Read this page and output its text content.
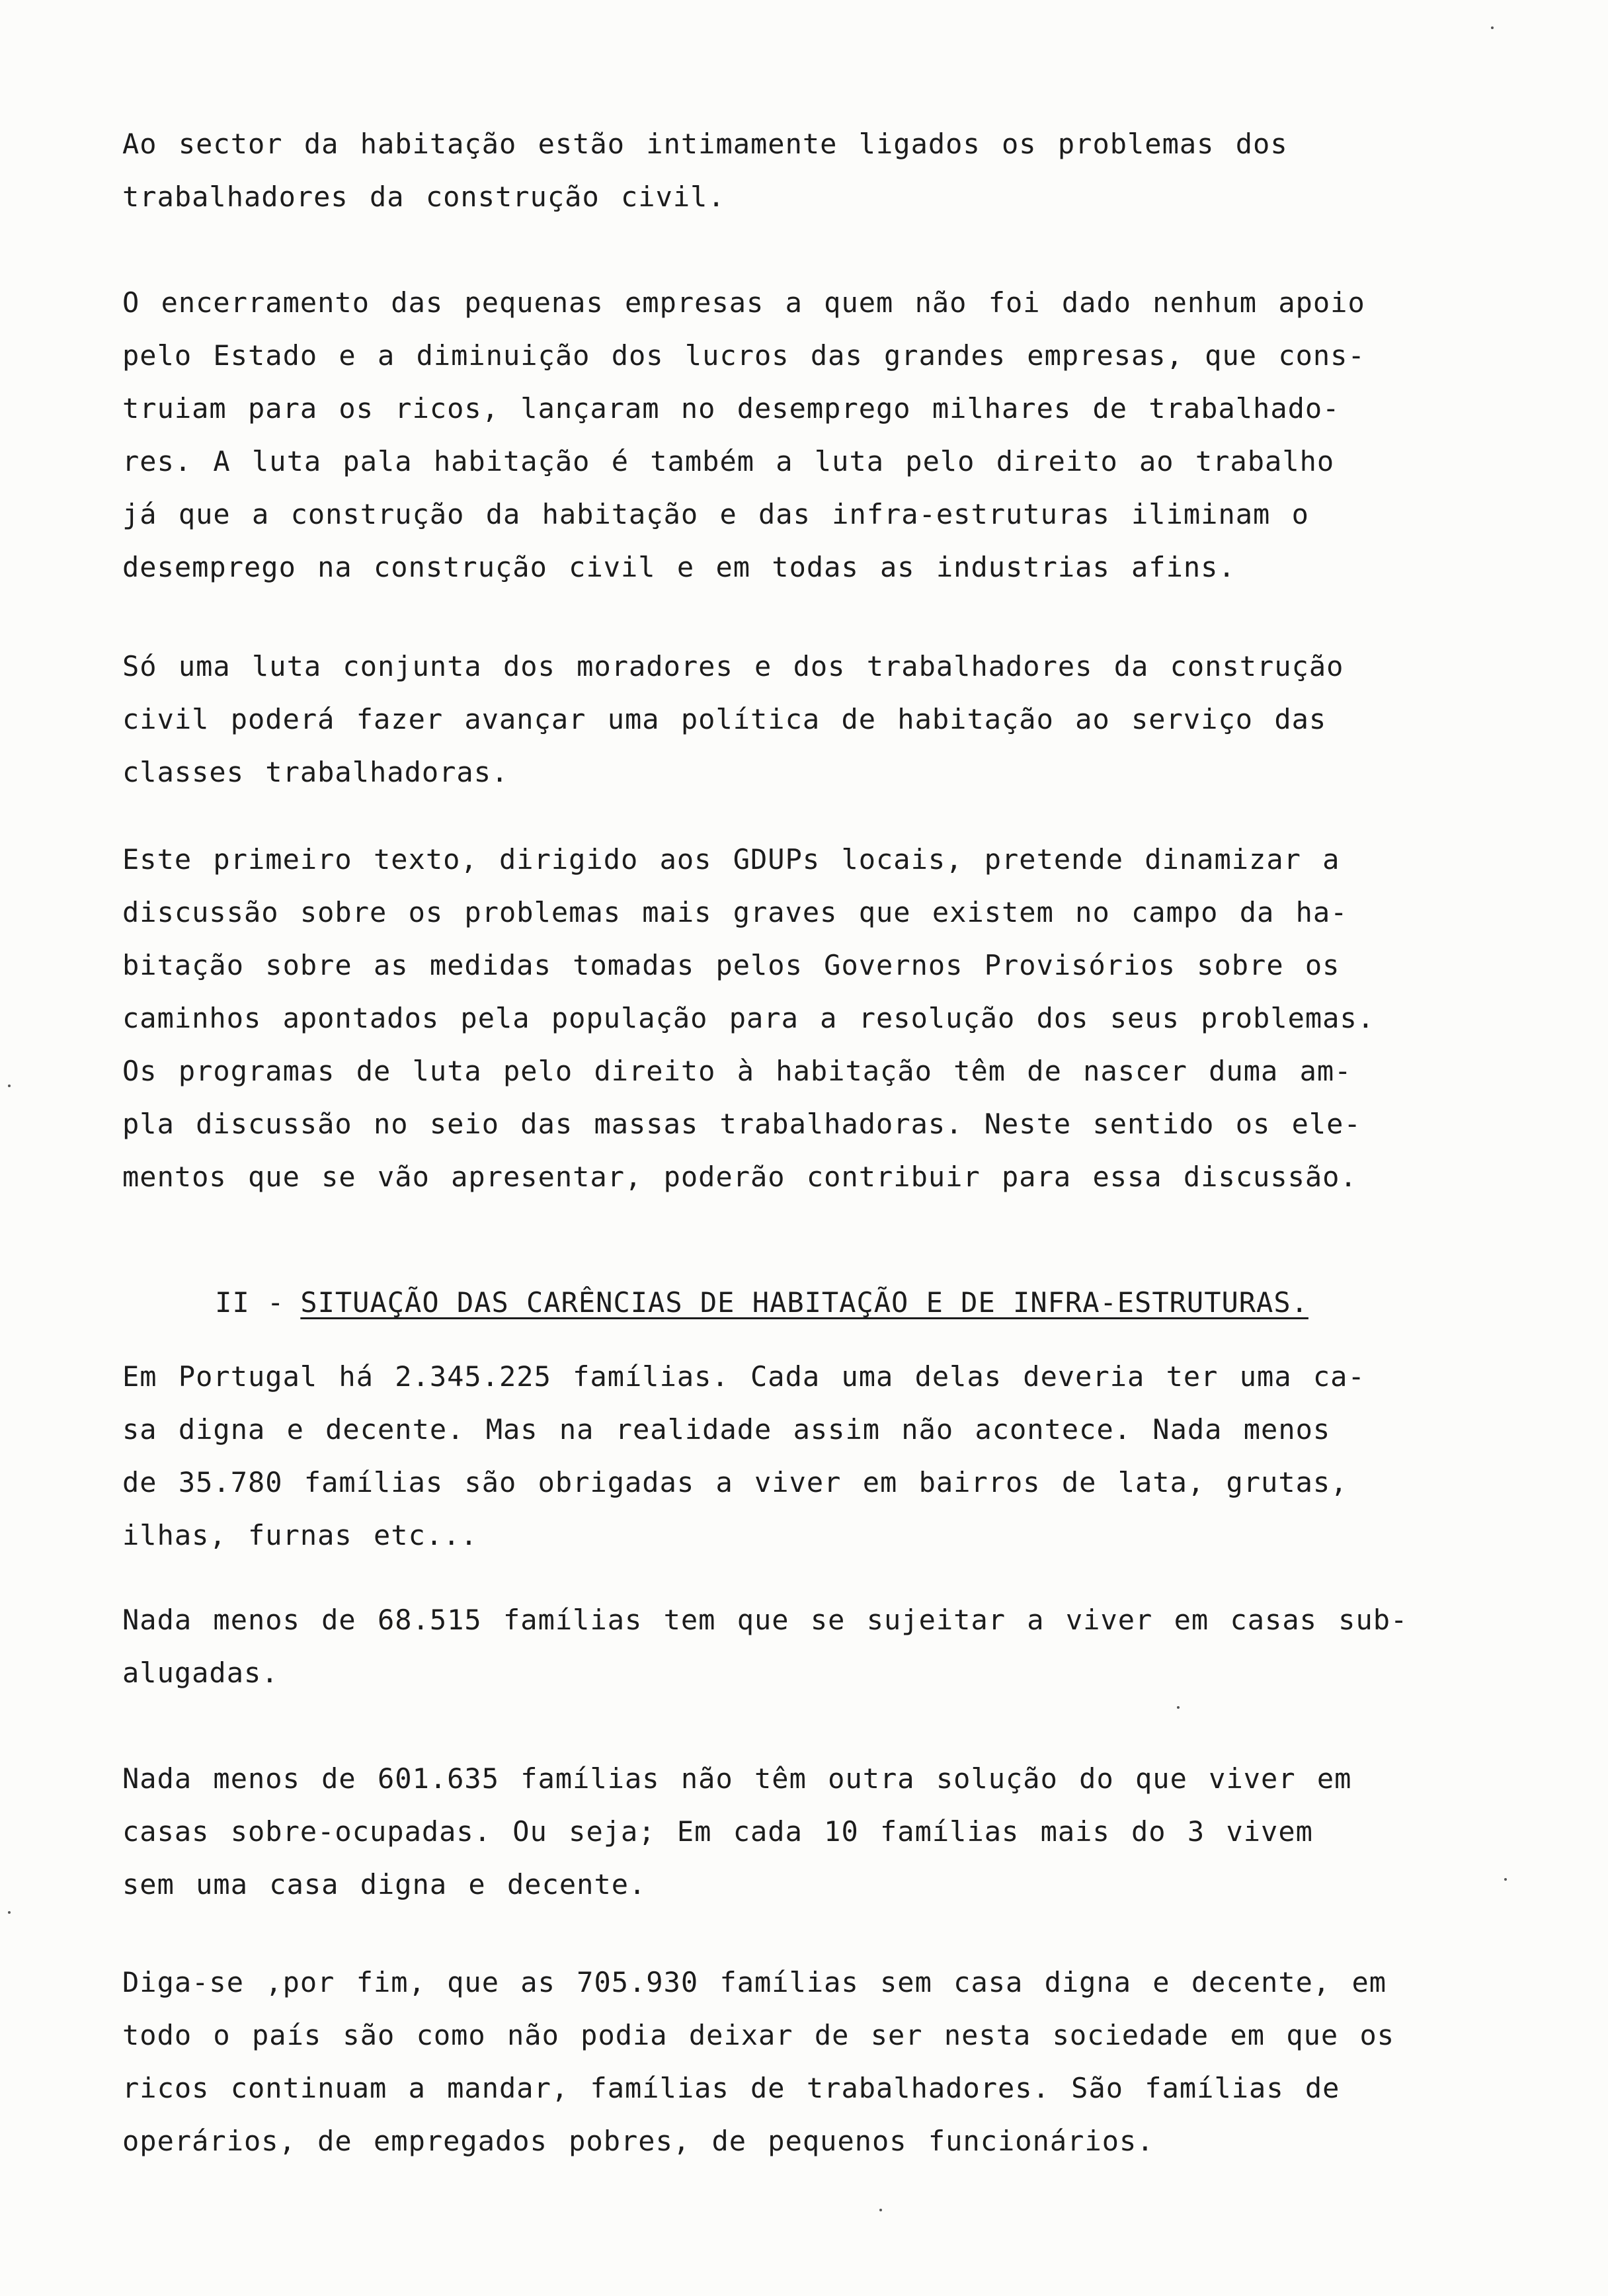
Ao sector da habitação estão intimamente ligados os problemas dos
trabalhadores da construção civil.
O encerramento das pequenas empresas a quem não foi dado nenhum apoio
pelo Estado e a diminuição dos lucros das grandes empresas, que cons-
truiam para os ricos, lançaram no desemprego milhares de trabalhado-
res. A luta pala habitação é também a luta pelo direito ao trabalho
já que a construção da habitação e das infra-estruturas iliminam o
desemprego na construção civil e em todas as industrias afins.
Só uma luta conjunta dos moradores e dos trabalhadores da construção
civil poderá fazer avançar uma política de habitação ao serviço das
classes trabalhadoras.
Este primeiro texto, dirigido aos GDUPs locais, pretende dinamizar a
discussão sobre os problemas mais graves que existem no campo da ha-
bitação sobre as medidas tomadas pelos Governos Provisórios sobre os
caminhos apontados pela população para a resolução dos seus problemas.
Os programas de luta pelo direito à habitação têm de nascer duma am-
pla discussão no seio das massas trabalhadoras. Neste sentido os ele-
mentos que se vão apresentar, poderão contribuir para essa discussão.

II - SITUAÇÃO DAS CARÊNCIAS DE HABITAÇÃO E DE INFRA-ESTRUTURAS.

Em Portugal há 2.345.225 famílias. Cada uma delas deveria ter uma ca-
sa digna e decente. Mas na realidade assim não acontece. Nada menos
de 35.780 famílias são obrigadas a viver em bairros de lata, grutas,
ilhas, furnas etc...
Nada menos de 68.515 famílias tem que se sujeitar a viver em casas sub-
alugadas.
Nada menos de 601.635 famílias não têm outra solução do que viver em
casas sobre-ocupadas. Ou seja; Em cada 10 famílias mais do 3 vivem
sem uma casa digna e decente.
Diga-se ,por fim, que as 705.930 famílias sem casa digna e decente, em
todo o país são como não podia deixar de ser nesta sociedade em que os
ricos continuam a mandar, famílias de trabalhadores. São famílias de
operários, de empregados pobres, de pequenos funcionários.
